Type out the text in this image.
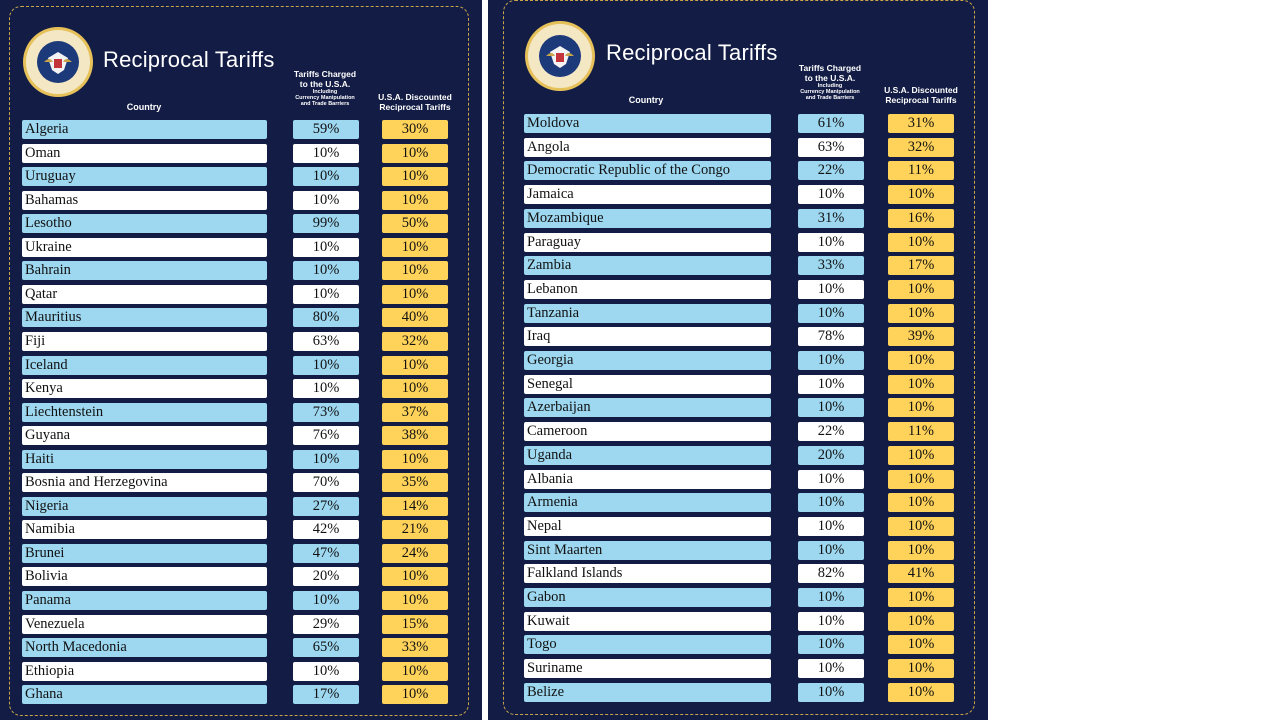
Reciprocal Tariffs
Country
Tariffs Charged
to the U.S.A.
Including
Currency Manipulation
and Trade Barriers
U.S.A. Discounted
Reciprocal Tariffs
Algeria	59%	30%
Oman	10%	10%
Uruguay	10%	10%
Bahamas	10%	10%
Lesotho	99%	50%
Ukraine	10%	10%
Bahrain	10%	10%
Qatar	10%	10%
Mauritius	80%	40%
Fiji	63%	32%
Iceland	10%	10%
Kenya	10%	10%
Liechtenstein	73%	37%
Guyana	76%	38%
Haiti	10%	10%
Bosnia and Herzegovina	70%	35%
Nigeria	27%	14%
Namibia	42%	21%
Brunei	47%	24%
Bolivia	20%	10%
Panama	10%	10%
Venezuela	29%	15%
North Macedonia	65%	33%
Ethiopia	10%	10%
Ghana	17%	10%
Reciprocal Tariffs
Country
Tariffs Charged
to the U.S.A.
Including
Currency Manipulation
and Trade Barriers
U.S.A. Discounted
Reciprocal Tariffs
Moldova	61%	31%
Angola	63%	32%
Democratic Republic of the Congo	22%	11%
Jamaica	10%	10%
Mozambique	31%	16%
Paraguay	10%	10%
Zambia	33%	17%
Lebanon	10%	10%
Tanzania	10%	10%
Iraq	78%	39%
Georgia	10%	10%
Senegal	10%	10%
Azerbaijan	10%	10%
Cameroon	22%	11%
Uganda	20%	10%
Albania	10%	10%
Armenia	10%	10%
Nepal	10%	10%
Sint Maarten	10%	10%
Falkland Islands	82%	41%
Gabon	10%	10%
Kuwait	10%	10%
Togo	10%	10%
Suriname	10%	10%
Belize	10%	10%
